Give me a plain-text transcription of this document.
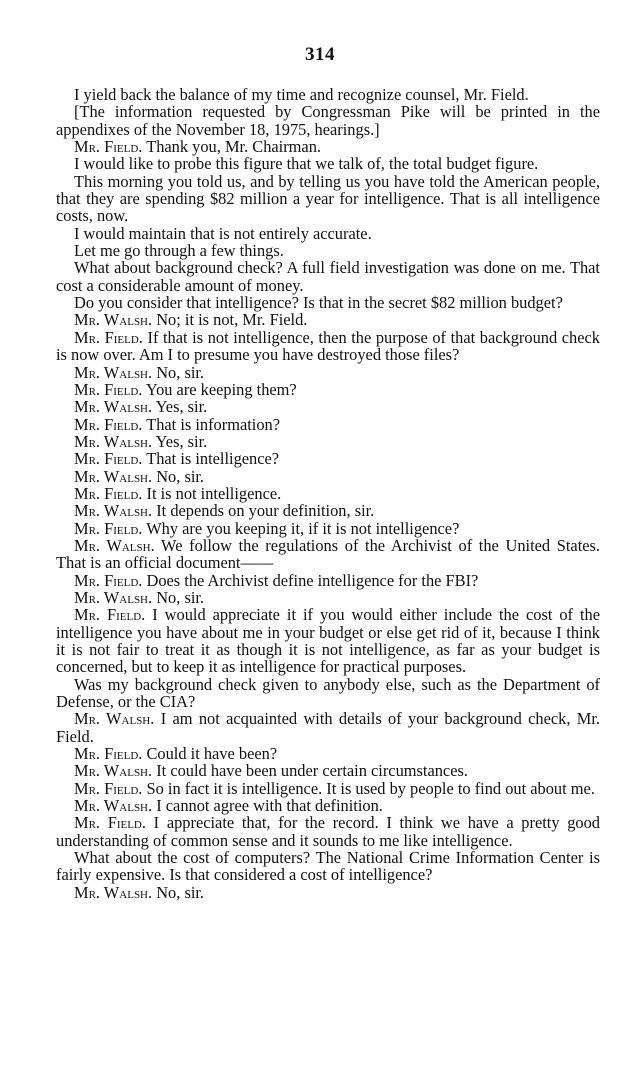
314

I yield back the balance of my time and recognize counsel, Mr. Field.

[The information requested by Congressman Pike will be printed in the appendixes of the November 18, 1975, hearings.]

Mr. Field. Thank you, Mr. Chairman.

I would like to probe this figure that we talk of, the total budget figure.

This morning you told us, and by telling us you have told the American people, that they are spending $82 million a year for intelligence. That is all intelligence costs, now.

I would maintain that is not entirely accurate.

Let me go through a few things.

What about background check? A full field investigation was done on me. That cost a considerable amount of money.

Do you consider that intelligence? Is that in the secret $82 million budget?

Mr. Walsh. No; it is not, Mr. Field.

Mr. Field. If that is not intelligence, then the purpose of that background check is now over. Am I to presume you have destroyed those files?

Mr. Walsh. No, sir.

Mr. Field. You are keeping them?

Mr. Walsh. Yes, sir.

Mr. Field. That is information?

Mr. Walsh. Yes, sir.

Mr. Field. That is intelligence?

Mr. Walsh. No, sir.

Mr. Field. It is not intelligence.

Mr. Walsh. It depends on your definition, sir.

Mr. Field. Why are you keeping it, if it is not intelligence?

Mr. Walsh. We follow the regulations of the Archivist of the United States. That is an official document——

Mr. Field. Does the Archivist define intelligence for the FBI?

Mr. Walsh. No, sir.

Mr. Field. I would appreciate it if you would either include the cost of the intelligence you have about me in your budget or else get rid of it, because I think it is not fair to treat it as though it is not intelligence, as far as your budget is concerned, but to keep it as intelligence for practical purposes.

Was my background check given to anybody else, such as the Department of Defense, or the CIA?

Mr. Walsh. I am not acquainted with details of your background check, Mr. Field.

Mr. Field. Could it have been?

Mr. Walsh. It could have been under certain circumstances.

Mr. Field. So in fact it is intelligence. It is used by people to find out about me.

Mr. Walsh. I cannot agree with that definition.

Mr. Field. I appreciate that, for the record. I think we have a pretty good understanding of common sense and it sounds to me like intelligence.

What about the cost of computers? The National Crime Information Center is fairly expensive. Is that considered a cost of intelligence?

Mr. Walsh. No, sir.
